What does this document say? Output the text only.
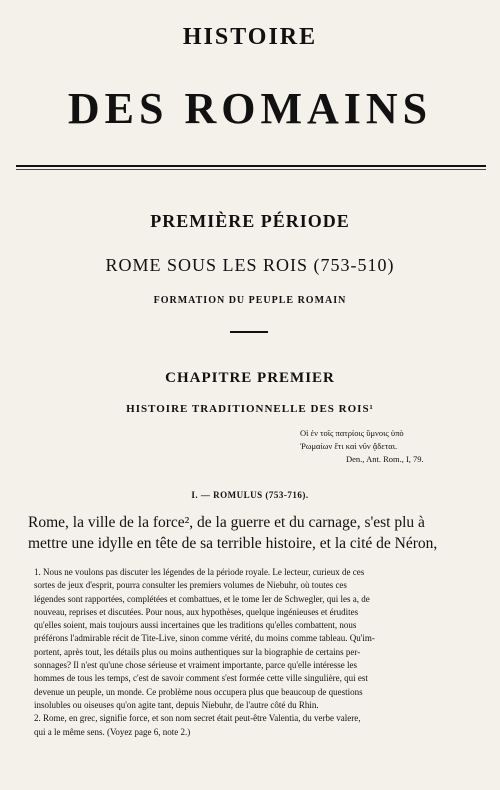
HISTOIRE
DES ROMAINS
PREMIÈRE PÉRIODE
ROME SOUS LES ROIS (753-510)
FORMATION DU PEUPLE ROMAIN
CHAPITRE PREMIER
HISTOIRE TRADITIONNELLE DES ROIS¹
Οἱ ἐν τοῖς πατρίοις ὕμνοις ὑπὸ
Ῥωμαίων ἔτι καὶ νῦν ᾄδεται.
Den., Ant. Rom., I, 79.
I. — ROMULUS (753-716).
Rome, la ville de la force², de la guerre et du carnage, s'est plu à
mettre une idylle en tête de sa terrible histoire, et la cité de Néron,
1. Nous ne voulons pas discuter les légendes de la période royale. Le lecteur, curieux de ces
sortes de jeux d'esprit, pourra consulter les premiers volumes de Niebuhr, où toutes ces
légendes sont rapportées, complétées et combattues, et le tome Ier de Schwegler, qui les a, de
nouveau, reprises et discutées. Pour nous, aux hypothèses, quelque ingénieuses et érudites
qu'elles soient, mais toujours aussi incertaines que les traditions qu'elles combattent, nous
préférons l'admirable récit de Tite-Live, sinon comme vérité, du moins comme tableau. Qu'im-
portent, après tout, les détails plus ou moins authentiques sur la biographie de certains per-
sonnages? Il n'est qu'une chose sérieuse et vraiment importante, parce qu'elle intéresse les
hommes de tous les temps, c'est de savoir comment s'est formée cette ville singulière, qui est
devenue un peuple, un monde. Ce problème nous occupera plus que beaucoup de questions
insolubles ou oiseuses qu'on agite tant, depuis Niebuhr, de l'autre côté du Rhin.
2. Rome, en grec, signifie force, et son nom secret était peut-être Valentia, du verbe valere,
qui a le même sens. (Voyez page 6, note 2.)
